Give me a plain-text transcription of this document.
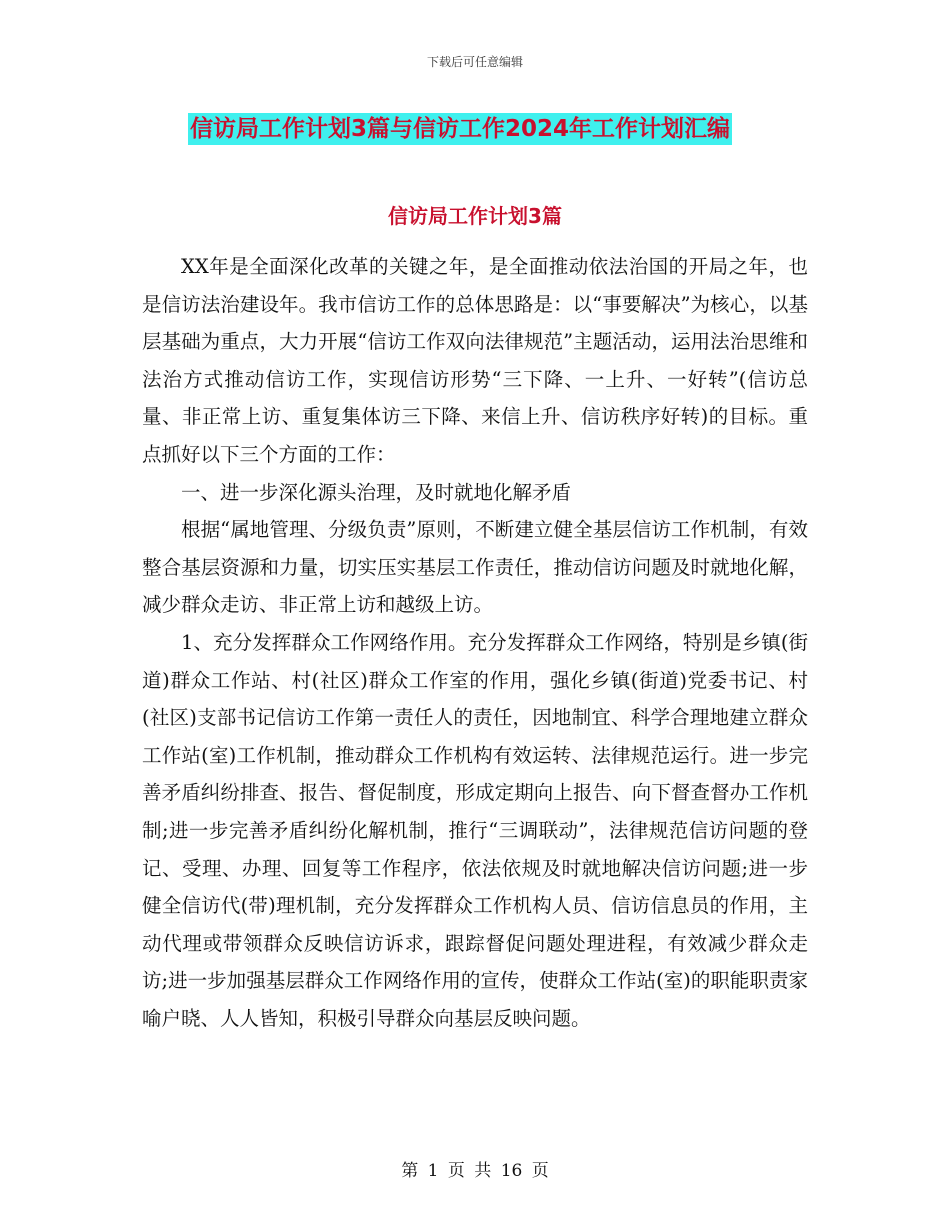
下载后可任意编辑
信访局工作计划3篇与信访工作2024年工作计划汇编
信访局工作计划3篇

XX年是全面深化改革的关键之年，是全面推动依法治国的开局之年，也是信访法治建设年。我市信访工作的总体思路是：以“事要解决”为核心，以基层基础为重点，大力开展“信访工作双向法律规范”主题活动，运用法治思维和法治方式推动信访工作，实现信访形势“三下降、一上升、一好转”(信访总量、非正常上访、重复集体访三下降、来信上升、信访秩序好转)的目标。重点抓好以下三个方面的工作：

一、进一步深化源头治理，及时就地化解矛盾

根据“属地管理、分级负责”原则，不断建立健全基层信访工作机制，有效整合基层资源和力量，切实压实基层工作责任，推动信访问题及时就地化解，减少群众走访、非正常上访和越级上访。

1、充分发挥群众工作网络作用。充分发挥群众工作网络，特别是乡镇(街道)群众工作站、村(社区)群众工作室的作用，强化乡镇(街道)党委书记、村(社区)支部书记信访工作第一责任人的责任，因地制宜、科学合理地建立群众工作站(室)工作机制，推动群众工作机构有效运转、法律规范运行。进一步完善矛盾纠纷排查、报告、督促制度，形成定期向上报告、向下督查督办工作机制;进一步完善矛盾纠纷化解机制，推行“三调联动”，法律规范信访问题的登记、受理、办理、回复等工作程序，依法依规及时就地解决信访问题;进一步健全信访代(带)理机制，充分发挥群众工作机构人员、信访信息员的作用，主动代理或带领群众反映信访诉求，跟踪督促问题处理进程，有效减少群众走访;进一步加强基层群众工作网络作用的宣传，使群众工作站(室)的职能职责家喻户晓、人人皆知，积极引导群众向基层反映问题。

第 1 页 共 16 页
